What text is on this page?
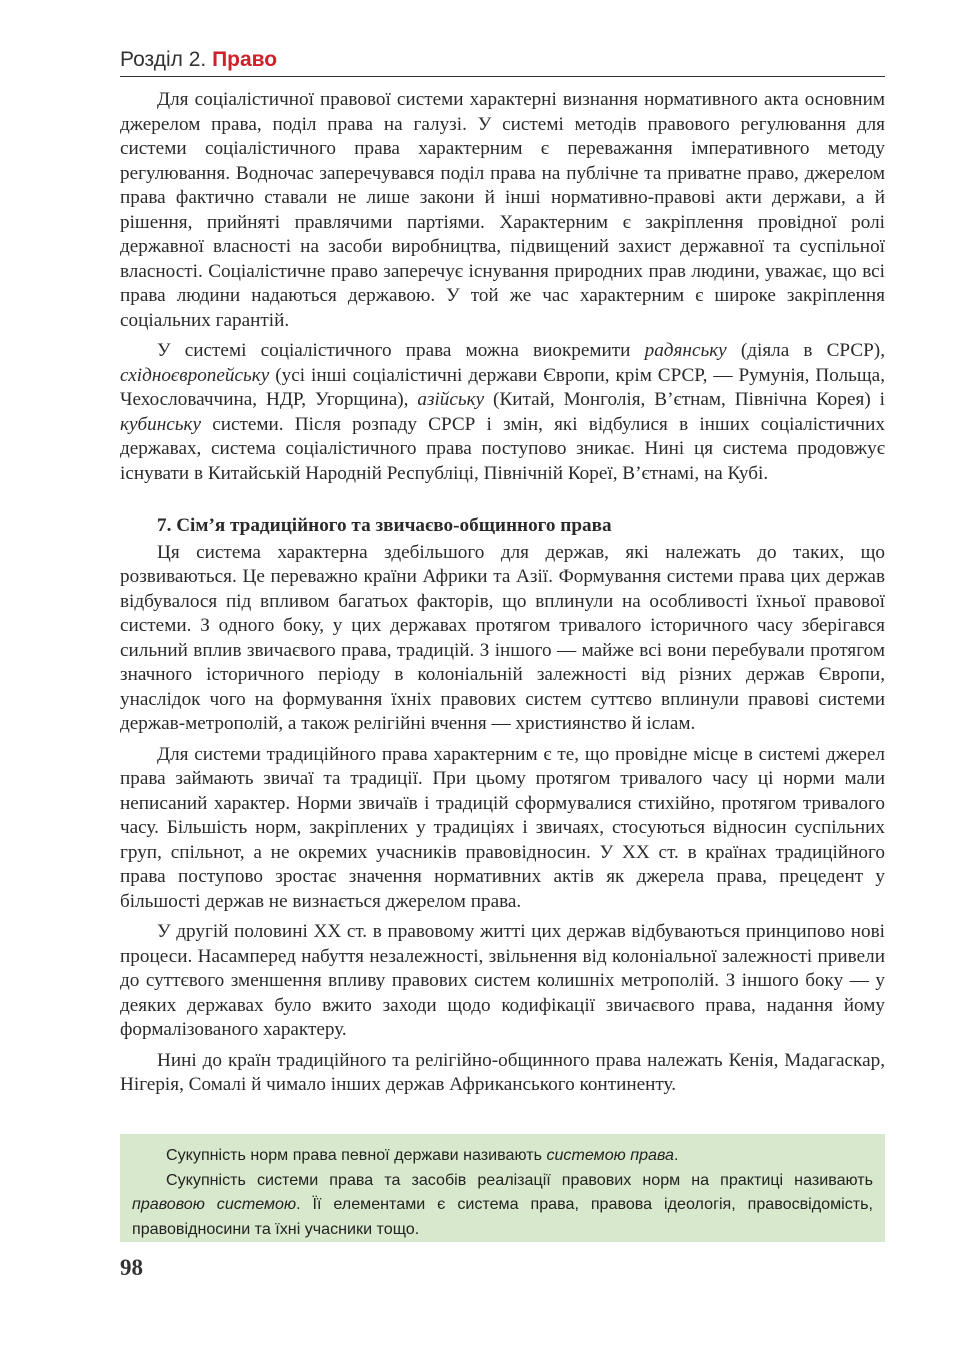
Розділ 2. Право

Для соціалістичної правової системи характерні визнання нормативного акта основним джерелом права, поділ права на галузі. У системі методів правового регулювання для системи соціалістичного права характерним є переважання імперативного методу регулювання. Водночас заперечувався поділ права на публічне та приватне право, джерелом права фактично ставали не лише закони й інші нормативно-правові акти держави, а й рішення, прийняті правлячими партіями. Характерним є закріплення провідної ролі державної власності на засоби виробництва, підвищений захист державної та суспільної власності. Соціалістичне право заперечує існування природних прав людини, уважає, що всі права людини надаються державою. У той же час характерним є широке закріплення соціальних гарантій.

У системі соціалістичного права можна виокремити радянську (діяла в СРСР), східноєвропейську (усі інші соціалістичні держави Європи, крім СРСР, — Румунія, Польща, Чехословаччина, НДР, Угорщина), азійську (Китай, Монголія, В’єтнам, Північна Корея) і кубинську системи. Після розпаду СРСР і змін, які відбулися в інших соціалістичних державах, система соціалістичного права поступово зникає. Нині ця система продовжує існувати в Китайській Народній Республіці, Північній Кореї, В’єтнамі, на Кубі.

7. Сім’я традиційного та звичаєво-общинного права

Ця система характерна здебільшого для держав, які належать до таких, що розвиваються. Це переважно країни Африки та Азії. Формування системи права цих держав відбувалося під впливом багатьох факторів, що вплинули на особливості їхньої правової системи. З одного боку, у цих державах протягом тривалого історичного часу зберігався сильний вплив звичаєвого права, традицій. З іншого — майже всі вони перебували протягом значного історичного періоду в колоніальній залежності від різних держав Європи, унаслідок чого на формування їхніх правових систем суттєво вплинули правові системи держав-метрополій, а також релігійні вчення — християнство й іслам.

Для системи традиційного права характерним є те, що провідне місце в системі джерел права займають звичаї та традиції. При цьому протягом тривалого часу ці норми мали неписаний характер. Норми звичаїв і традицій сформувалися стихійно, протягом тривалого часу. Більшість норм, закріплених у традиціях і звичаях, стосуються відносин суспільних груп, спільнот, а не окремих учасників правовідносин. У XX ст. в країнах традиційного права поступово зростає значення нормативних актів як джерела права, прецедент у більшості держав не визнається джерелом права.

У другій половині XX ст. в правовому житті цих держав відбуваються принципово нові процеси. Насамперед набуття незалежності, звільнення від колоніальної залежності привели до суттєвого зменшення впливу правових систем колишніх метрополій. З іншого боку — у деяких державах було вжито заходи щодо кодифікації звичаєвого права, надання йому формалізованого характеру.

Нині до країн традиційного та релігійно-общинного права належать Кенія, Мадагаскар, Нігерія, Сомалі й чимало інших держав Африканського континенту.

Сукупність норм права певної держави називають системою права.

Сукупність системи права та засобів реалізації правових норм на практиці називають правовою системою. Її елементами є система права, правова ідеологія, правосвідомість, правовідносини та їхні учасники тощо.

98
